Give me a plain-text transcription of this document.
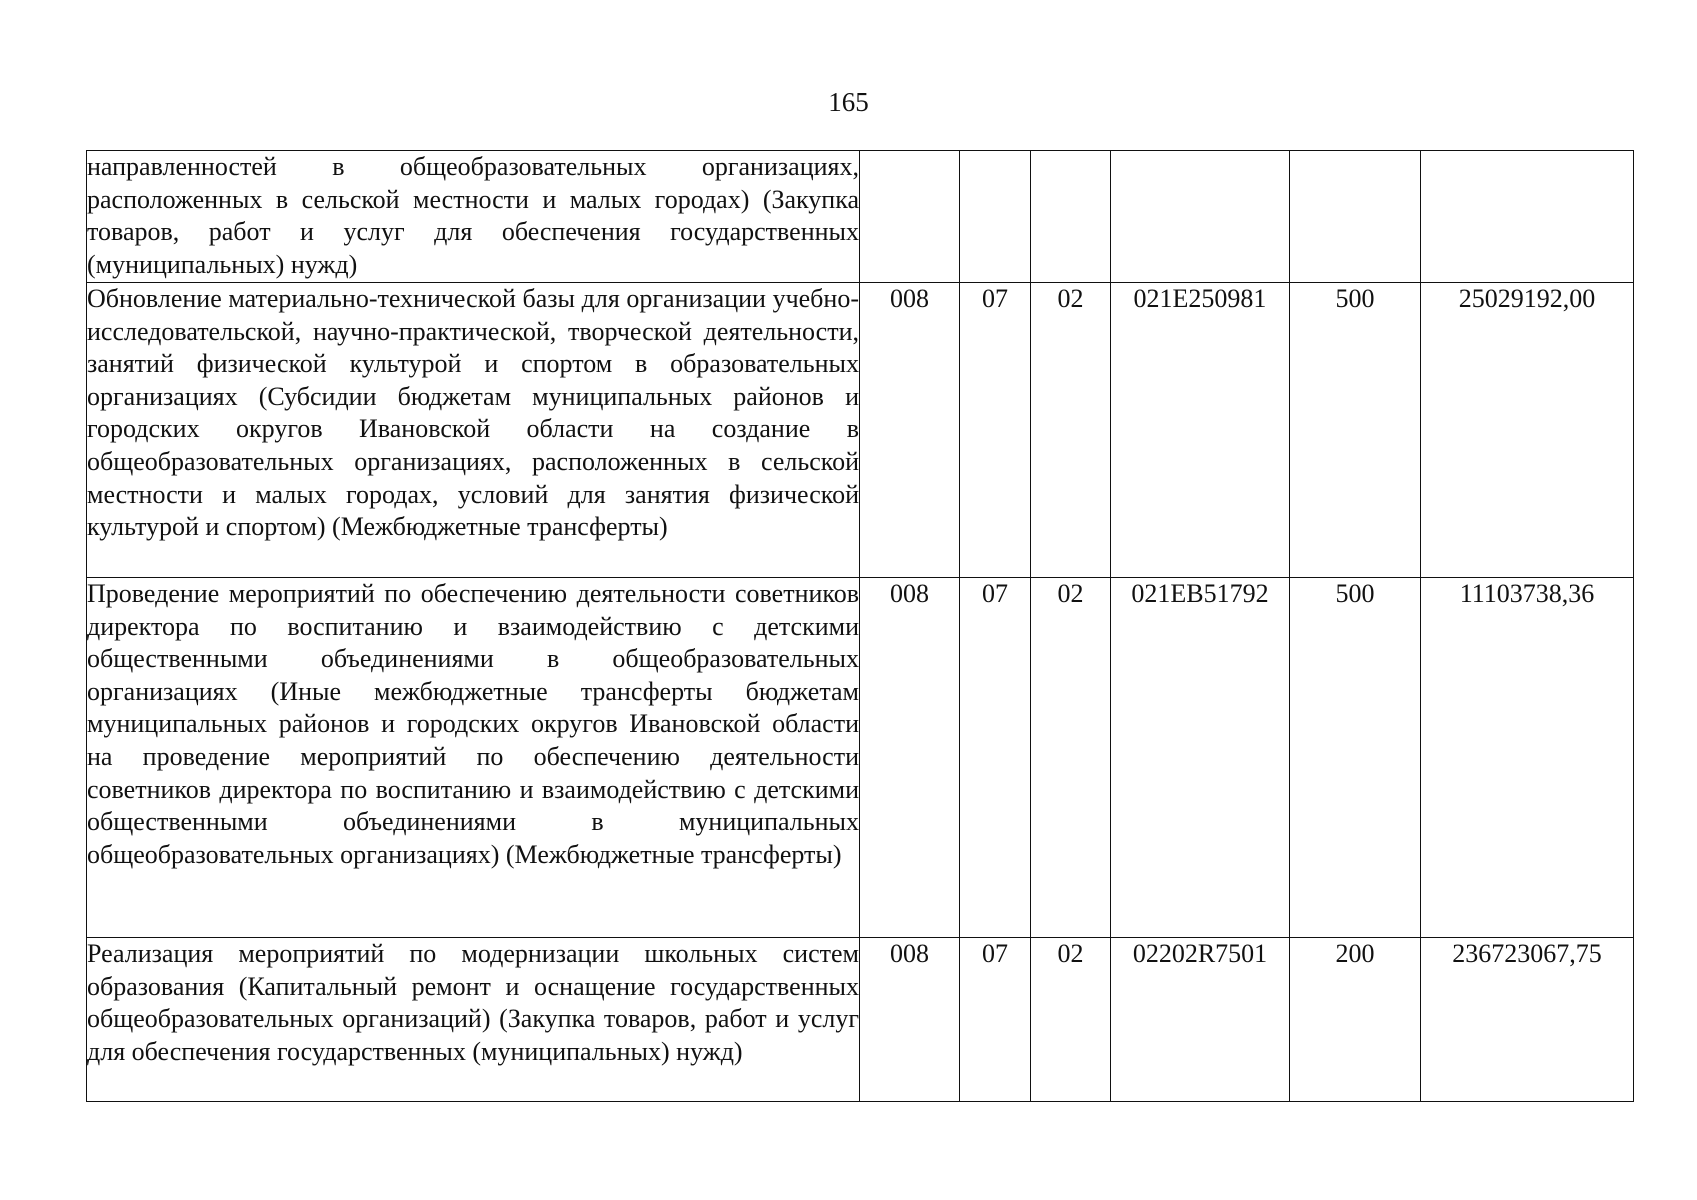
165
направленностей в общеобразовательных организациях, расположенных в сельской местности и малых городах) (Закупка товаров, работ и услуг для обеспечения государственных (муниципальных) нужд)						
Обновление материально-технической базы для организации учебно-исследовательской, научно-практической, творческой деятельности, занятий физической культурой и спортом в образовательных организациях (Субсидии бюджетам муниципальных районов и городских округов Ивановской области на создание в общеобразовательных организациях, расположенных в сельской местности и малых городах, условий для занятия физической культурой и спортом) (Межбюджетные трансферты)	008	07	02	021E250981	500	25029192,00
Проведение мероприятий по обеспечению деятельности советников директора по воспитанию и взаимодействию с детскими общественными объединениями в общеобразовательных организациях (Иные межбюджетные трансферты бюджетам муниципальных районов и городских округов Ивановской области на проведение мероприятий по обеспечению деятельности советников директора по воспитанию и взаимодействию с детскими общественными объединениями в муниципальных общеобразовательных организациях) (Межбюджетные трансферты)	008	07	02	021EB51792	500	11103738,36
Реализация мероприятий по модернизации школьных систем образования (Капитальный ремонт и оснащение государственных общеобразовательных организаций) (Закупка товаров, работ и услуг для обеспечения государственных (муниципальных) нужд)	008	07	02	02202R7501	200	236723067,75
